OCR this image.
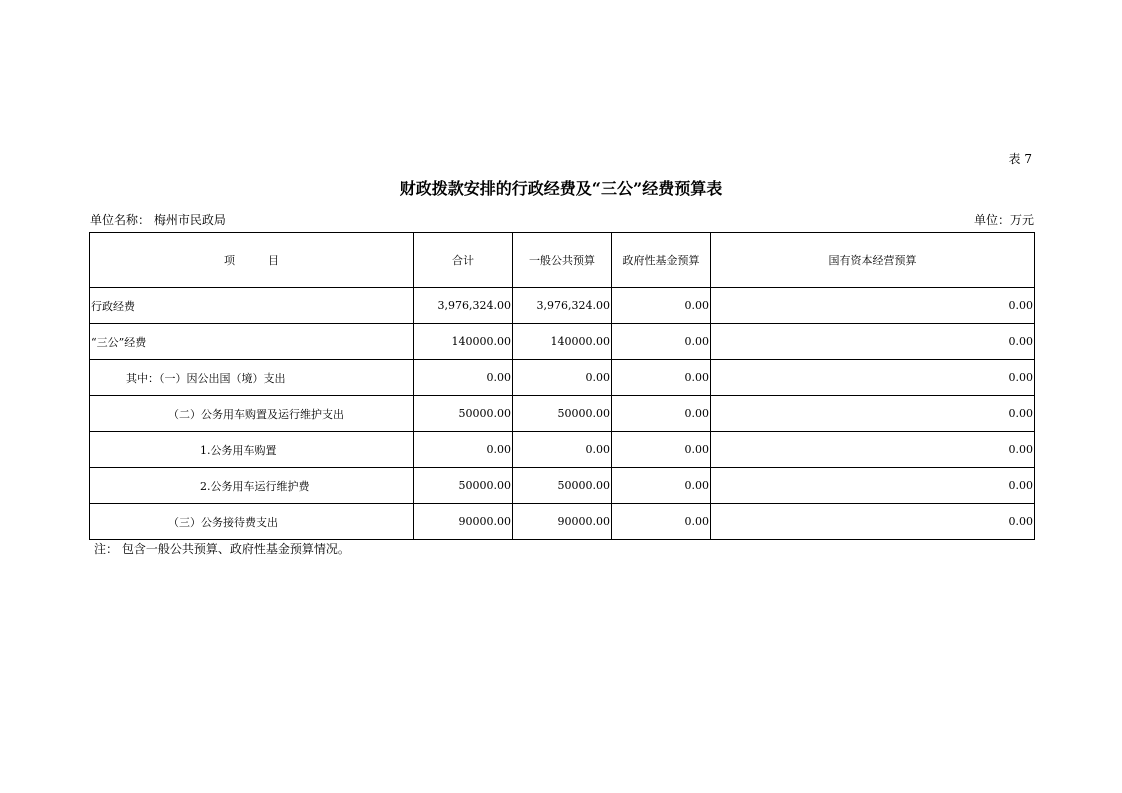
表 7
财政拨款安排的行政经费及“三公”经费预算表
单位名称： 梅州市民政局	单位：万元
项　　　目	合计	一般公共预算	政府性基金预算	国有资本经营预算
行政经费	3,976,324.00	3,976,324.00	0.00	0.00
“三公”经费	140000.00	140000.00	0.00	0.00
其中：（一）因公出国（境）支出	0.00	0.00	0.00	0.00
（二）公务用车购置及运行维护支出	50000.00	50000.00	0.00	0.00
1.公务用车购置	0.00	0.00	0.00	0.00
2.公务用车运行维护费	50000.00	50000.00	0.00	0.00
（三）公务接待费支出	90000.00	90000.00	0.00	0.00
注： 包含一般公共预算、政府性基金预算情况。
